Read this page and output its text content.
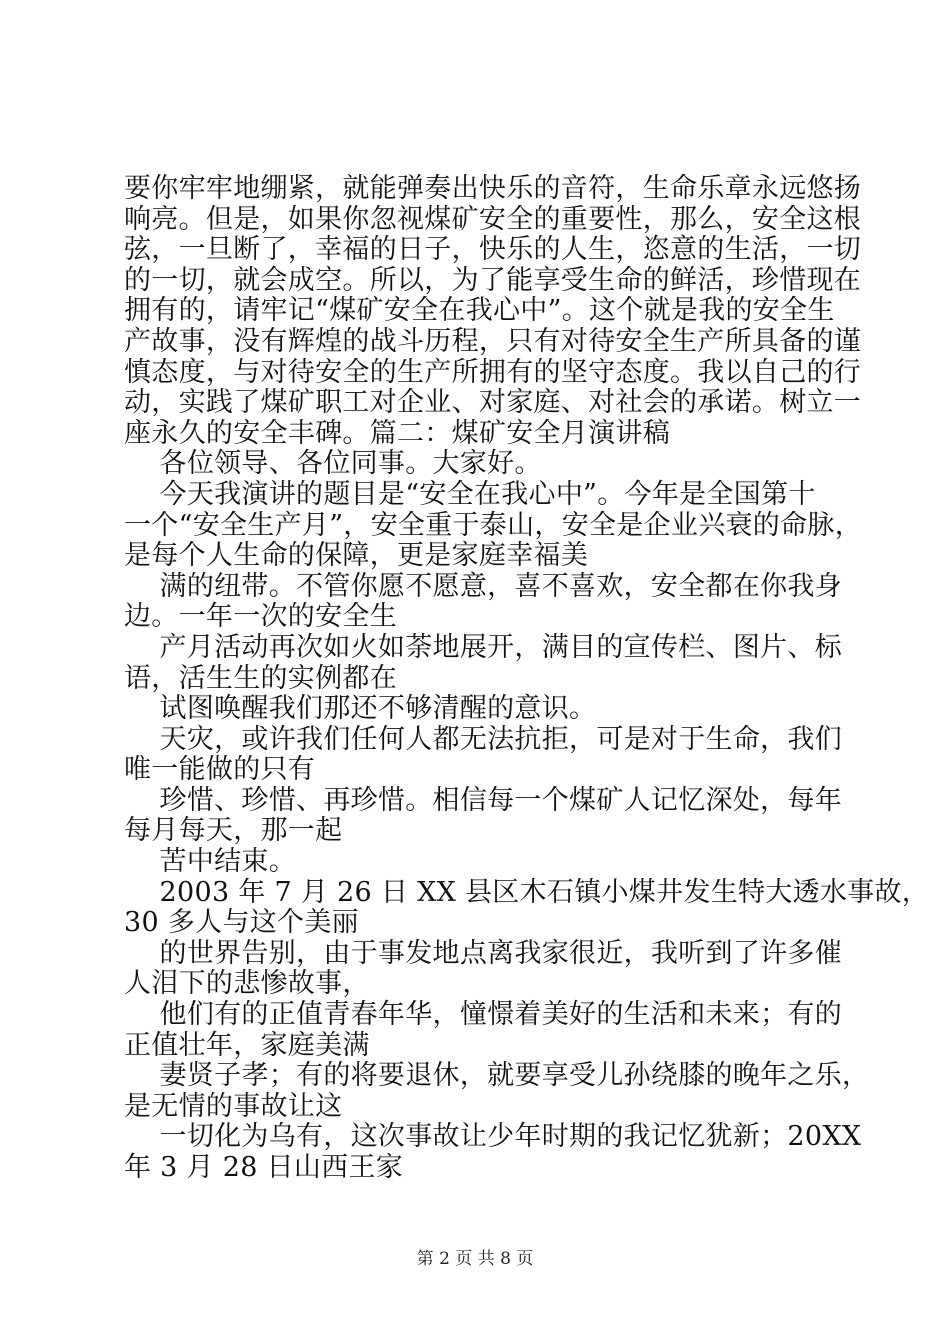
要你牢牢地绷紧，就能弹奏出快乐的音符，生命乐章永远悠扬
响亮。但是，如果你忽视煤矿安全的重要性，那么，安全这根
弦，一旦断了，幸福的日子，快乐的人生，恣意的生活，一切
的一切，就会成空。所以，为了能享受生命的鲜活，珍惜现在
拥有的，请牢记“煤矿安全在我心中”。这个就是我的安全生
产故事，没有辉煌的战斗历程，只有对待安全生产所具备的谨
慎态度，与对待安全的生产所拥有的坚守态度。我以自己的行
动，实践了煤矿职工对企业、对家庭、对社会的承诺。树立一
座永久的安全丰碑。篇二：煤矿安全月演讲稿
各位领导、各位同事。大家好。
今天我演讲的题目是“安全在我心中”。今年是全国第十
一个“安全生产月”，安全重于泰山，安全是企业兴衰的命脉，
是每个人生命的保障，更是家庭幸福美
满的纽带。不管你愿不愿意，喜不喜欢，安全都在你我身
边。一年一次的安全生
产月活动再次如火如荼地展开，满目的宣传栏、图片、标
语，活生生的实例都在
试图唤醒我们那还不够清醒的意识。
天灾，或许我们任何人都无法抗拒，可是对于生命，我们
唯一能做的只有
珍惜、珍惜、再珍惜。相信每一个煤矿人记忆深处，每年
每月每天，那一起
苦中结束。
2003 年 7 月 26 日 XX 县区木石镇小煤井发生特大透水事故，
30 多人与这个美丽
的世界告别，由于事发地点离我家很近，我听到了许多催
人泪下的悲惨故事，
他们有的正值青春年华，憧憬着美好的生活和未来；有的
正值壮年，家庭美满
妻贤子孝；有的将要退休，就要享受儿孙绕膝的晚年之乐，
是无情的事故让这
一切化为乌有，这次事故让少年时期的我记忆犹新；20XX
年 3 月 28 日山西王家
第 2 页 共 8 页
